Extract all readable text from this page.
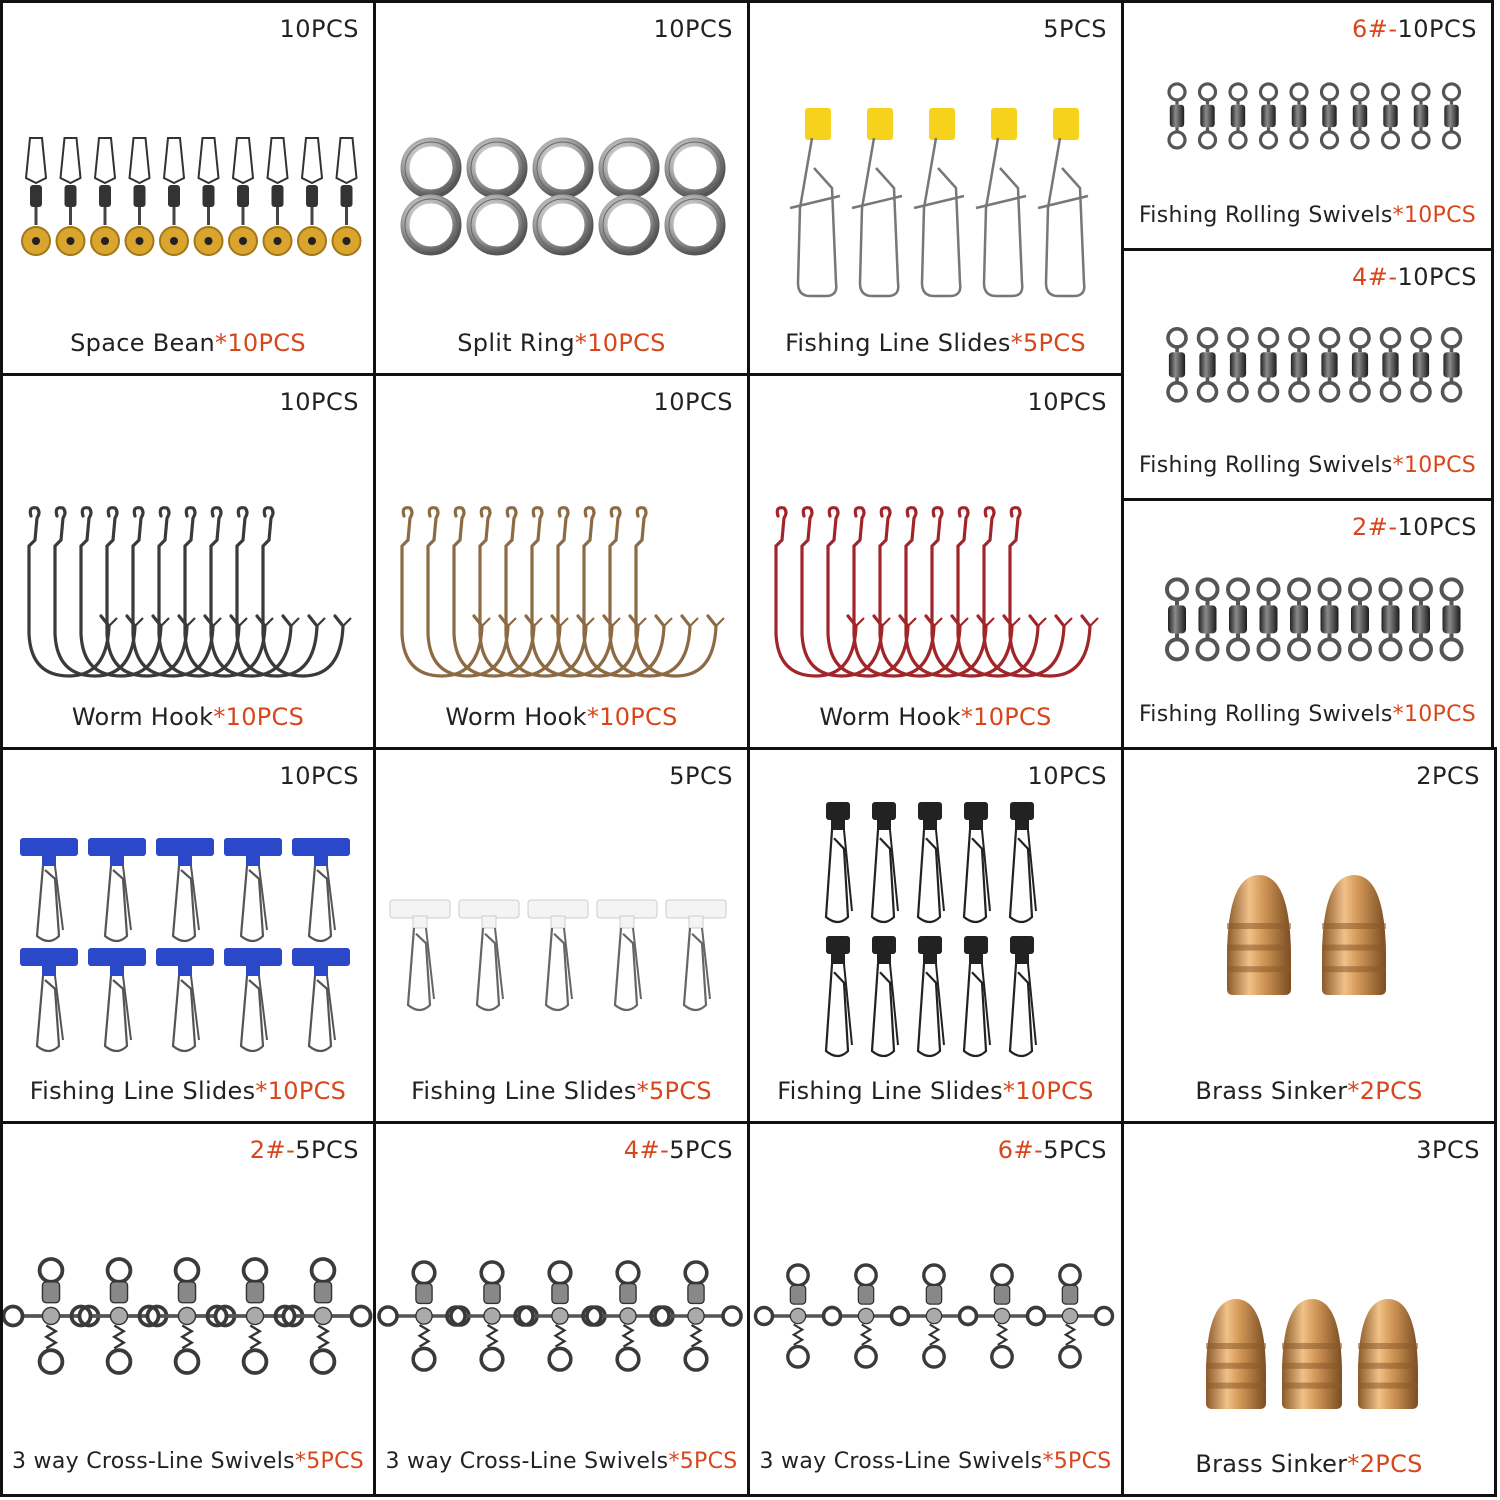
10PCS
Space Bean*10PCS
10PCS
Split Ring*10PCS
5PCS
Fishing Line Slides*5PCS
6#-10PCS
Fishing Rolling Swivels*10PCS
4#-10PCS
Fishing Rolling Swivels*10PCS
10PCS
Worm Hook*10PCS
10PCS
Worm Hook*10PCS
10PCS
Worm Hook*10PCS
2#-10PCS
Fishing Rolling Swivels*10PCS
10PCS
Fishing Line Slides*10PCS
5PCS
Fishing Line Slides*5PCS
10PCS
Fishing Line Slides*10PCS
2PCS
Brass Sinker*2PCS
2#-5PCS
3 way Cross-Line Swivels*5PCS
4#-5PCS
3 way Cross-Line Swivels*5PCS
6#-5PCS
3 way Cross-Line Swivels*5PCS
3PCS
Brass Sinker*2PCS
